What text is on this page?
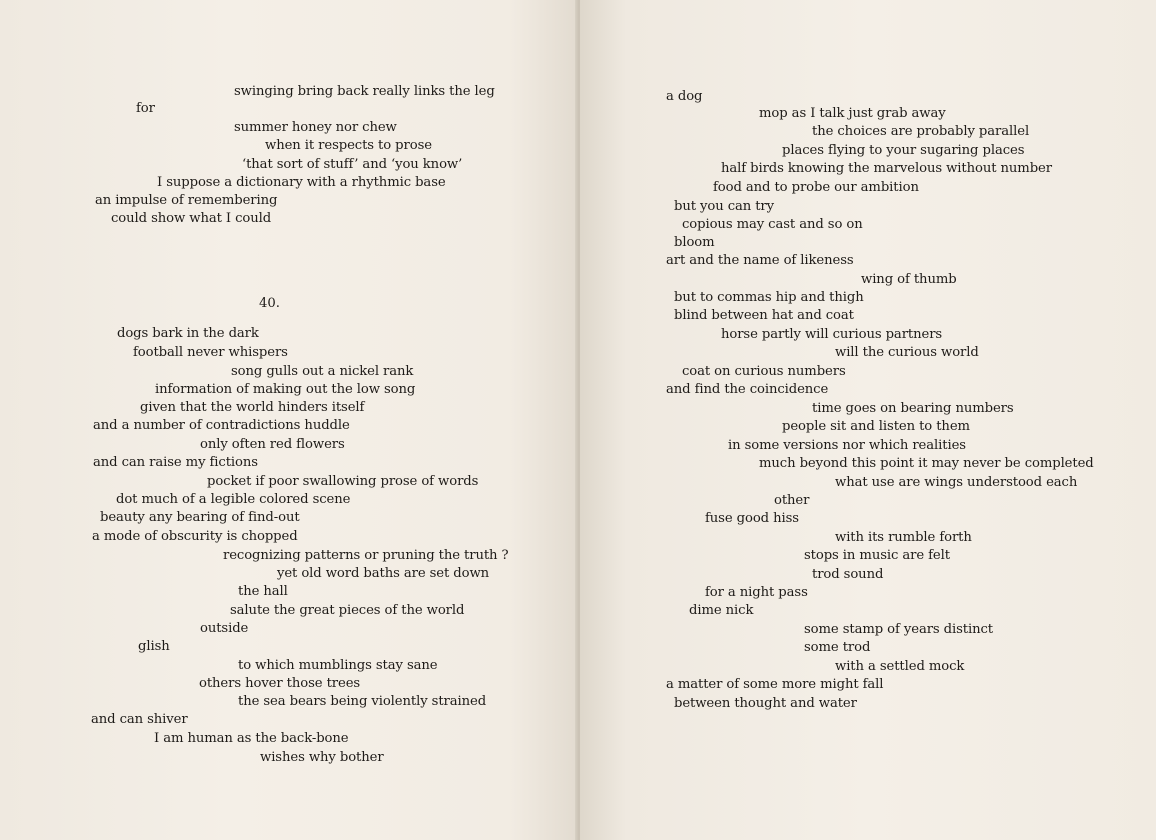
swinging bring back really links the leg
for
summer honey nor chew
when it respects to prose
‘that sort of stuff’ and ‘you know’
I suppose a dictionary with a rhythmic base
an impulse of remembering
could show what I could
40.
dogs bark in the dark
football never whispers
song gulls out a nickel rank
information of making out the low song
given that the world hinders itself
and a number of contradictions huddle
only often red flowers
and can raise my fictions
pocket if poor swallowing prose of words
dot much of a legible colored scene
beauty any bearing of find-out
a mode of obscurity is chopped
recognizing patterns or pruning the truth ?
yet old word baths are set down
the hall
salute the great pieces of the world
outside
glish
to which mumblings stay sane
others hover those trees
the sea bears being violently strained
and can shiver
I am human as the back-bone
wishes why bother
a dog
mop as I talk just grab away
the choices are probably parallel
places flying to your sugaring places
half birds knowing the marvelous without number
food and to probe our ambition
but you can try
copious may cast and so on
bloom
art and the name of likeness
wing of thumb
but to commas hip and thigh
blind between hat and coat
horse partly will curious partners
will the curious world
coat on curious numbers
and find the coincidence
time goes on bearing numbers
people sit and listen to them
in some versions nor which realities
much beyond this point it may never be completed
what use are wings understood each
other
fuse good hiss
with its rumble forth
stops in music are felt
trod sound
for a night pass
dime nick
some stamp of years distinct
some trod
with a settled mock
a matter of some more might fall
between thought and water
